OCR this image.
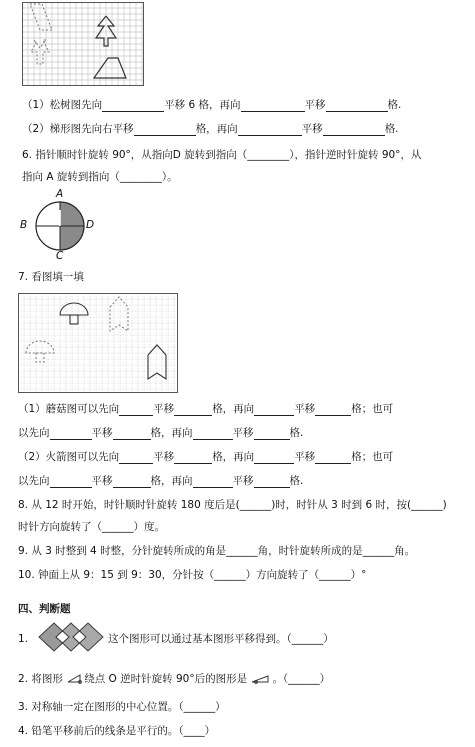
（1）松树图先向	平移 6 格，再向	平移	格.
（2）梯形图先向右平移	格，再向	平移	格.
6. 指针顺时针旋转 90°，从指向D 旋转到指向（________），指针逆时针旋转 90°，从
指向 A 旋转到指向（________）。
A
B	D
C
7. 看图填一填
（1）蘑菇图可以先向	平移	格，再向	平移	格；也可
以先向	平移	格，再向	平移	格.
（2）火箭图可以先向	平移	格，再向	平移	格；也可
以先向	平移	格，再向	平移	格.
8. 从 12 时开始，时针顺时针旋转 180 度后是(______)时，时针从 3 时到 6 时，按(______)
时针方向旋转了（______）度。
9. 从 3 时整到 4 时整，分针旋转所成的角是______角，时针旋转所成的是______角。
10. 钟面上从 9：15 到 9：30，分针按（______）方向旋转了（______）°
四、判断题
1.	这个图形可以通过基本图形平移得到。（______）
2. 将图形 绕点 O 逆时针旋转 90°后的图形是 。（______）
3. 对称轴一定在图形的中心位置。（______）
4. 铅笔平移前后的线条是平行的。（____）
